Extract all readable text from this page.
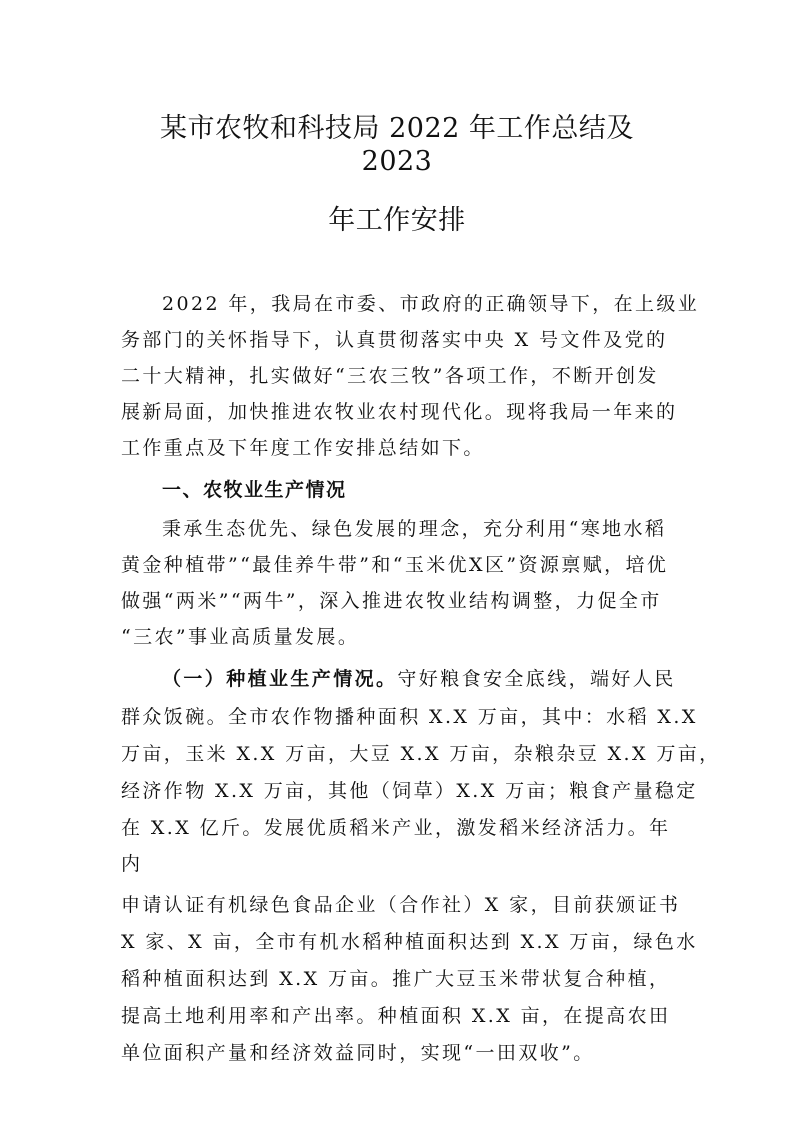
某市农牧和科技局 2022 年工作总结及
2023
年工作安排
2022 年，我局在市委、市政府的正确领导下，在上级业
务部门的关怀指导下，认真贯彻落实中央 X 号文件及党的
二十大精神，扎实做好“三农三牧”各项工作，不断开创发
展新局面，加快推进农牧业农村现代化。现将我局一年来的
工作重点及下年度工作安排总结如下。
一、农牧业生产情况
秉承生态优先、绿色发展的理念，充分利用“寒地水稻
黄金种植带”“最佳养牛带”和“玉米优X区”资源禀赋，培优
做强“两米”“两牛”，深入推进农牧业结构调整，力促全市
“三农”事业高质量发展。
（一）种植业生产情况。守好粮食安全底线，端好人民
群众饭碗。全市农作物播种面积 X.X 万亩，其中：水稻 X.X
万亩，玉米 X.X 万亩，大豆 X.X 万亩，杂粮杂豆 X.X 万亩，
经济作物 X.X 万亩，其他（饲草）X.X 万亩；粮食产量稳定
在 X.X 亿斤。发展优质稻米产业，激发稻米经济活力。年
内
申请认证有机绿色食品企业（合作社）X 家，目前获颁证书
X 家、X 亩，全市有机水稻种植面积达到 X.X 万亩，绿色水
稻种植面积达到 X.X 万亩。推广大豆玉米带状复合种植，
提高土地利用率和产出率。种植面积 X.X 亩，在提高农田
单位面积产量和经济效益同时，实现“一田双收”。
